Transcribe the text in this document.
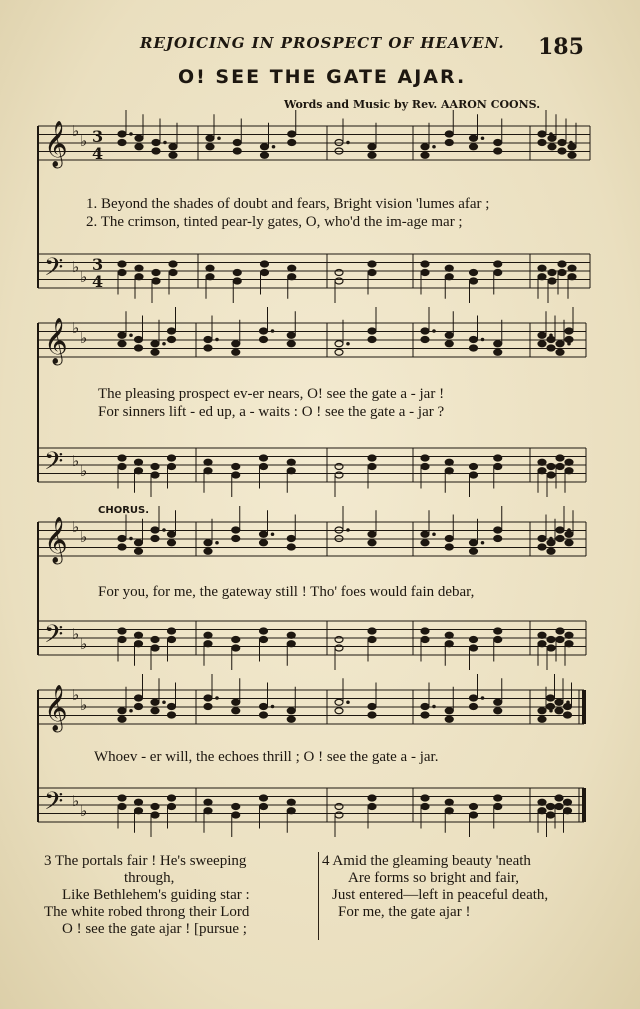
REJOICING IN PROSPECT OF HEAVEN. 185
O! SEE THE GATE AJAR.
Words and Music by Rev. AARON COONS.
𝄞
𝄢
♭
♭
♭
♭
3
4
3
4
𝄞
𝄢
♭
♭
♭
♭
𝄞
𝄢
♭
♭
♭
♭
𝄞
𝄢
♭
♭
♭
♭
1. Beyond the shades of doubt and fears, Bright vision 'lumes afar ;
2. The crimson, tinted pear-ly gates, O, who'd the im-age mar ;
The pleasing prospect ev-er nears, O! see the gate a - jar !
For sinners lift - ed up, a - waits : O ! see the gate a - jar ?
CHORUS.
For you, for me, the gateway still ! Tho' foes would fain debar,
Whoev - er will, the echoes thrill ; O ! see the gate a - jar.
3 The portals fair ! He's sweeping
through,
Like Bethlehem's guiding star :
The white robed throng their Lord
O ! see the gate ajar ! [pursue ;
4 Amid the gleaming beauty 'neath
Are forms so bright and fair,
Just entered—left in peaceful death,
For me, the gate ajar !
